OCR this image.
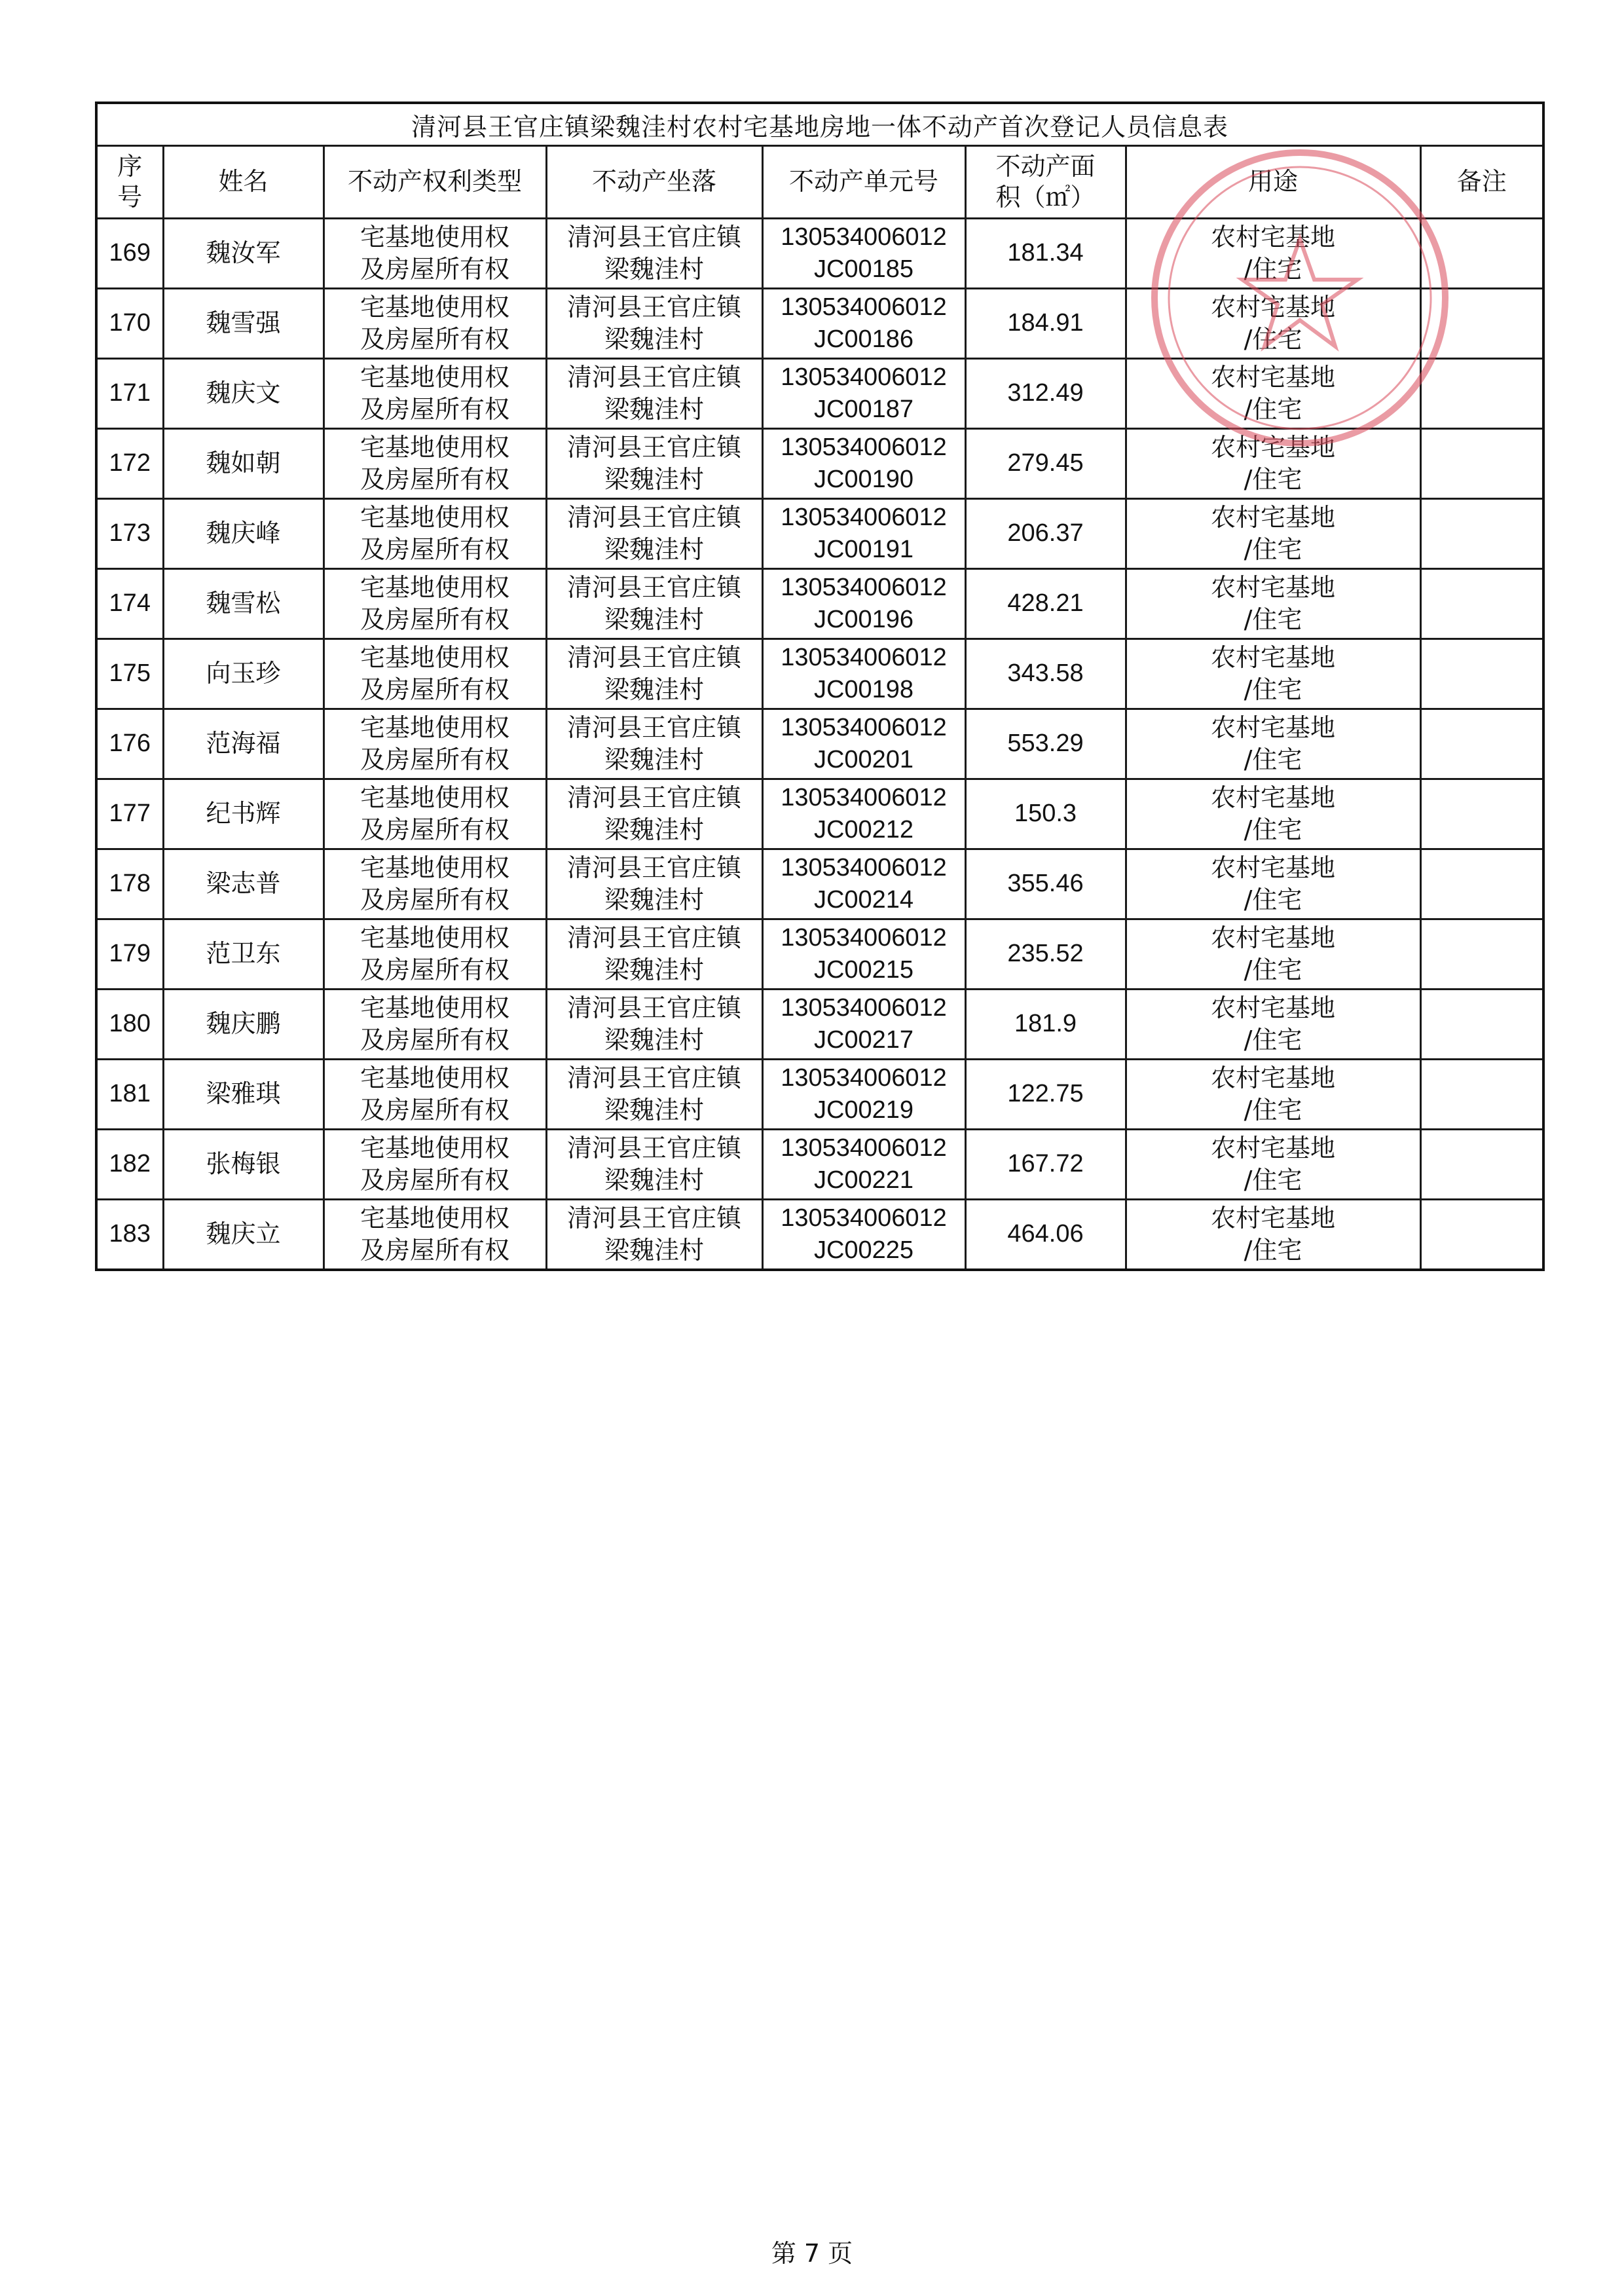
清河县王官庄镇梁魏洼村农村宅基地房地一体不动产首次登记人员信息表							

序
号	姓名	不动产权利类型	不动产坐落	不动产单元号	不动产面
积（㎡）	用途	备注
169	魏汝军	宅基地使用权
及房屋所有权	清河县王官庄镇
梁魏洼村	130534006012
JC00185	181.34	农村宅基地
/住宅	

170	魏雪强	宅基地使用权
及房屋所有权	清河县王官庄镇
梁魏洼村	130534006012
JC00186	184.91	农村宅基地
/住宅	

171	魏庆文	宅基地使用权
及房屋所有权	清河县王官庄镇
梁魏洼村	130534006012
JC00187	312.49	农村宅基地
/住宅	

172	魏如朝	宅基地使用权
及房屋所有权	清河县王官庄镇
梁魏洼村	130534006012
JC00190	279.45	农村宅基地
/住宅	

173	魏庆峰	宅基地使用权
及房屋所有权	清河县王官庄镇
梁魏洼村	130534006012
JC00191	206.37	农村宅基地
/住宅	

174	魏雪松	宅基地使用权
及房屋所有权	清河县王官庄镇
梁魏洼村	130534006012
JC00196	428.21	农村宅基地
/住宅	

175	向玉珍	宅基地使用权
及房屋所有权	清河县王官庄镇
梁魏洼村	130534006012
JC00198	343.58	农村宅基地
/住宅	

176	范海福	宅基地使用权
及房屋所有权	清河县王官庄镇
梁魏洼村	130534006012
JC00201	553.29	农村宅基地
/住宅	

177	纪书辉	宅基地使用权
及房屋所有权	清河县王官庄镇
梁魏洼村	130534006012
JC00212	150.3	农村宅基地
/住宅	

178	梁志普	宅基地使用权
及房屋所有权	清河县王官庄镇
梁魏洼村	130534006012
JC00214	355.46	农村宅基地
/住宅	

179	范卫东	宅基地使用权
及房屋所有权	清河县王官庄镇
梁魏洼村	130534006012
JC00215	235.52	农村宅基地
/住宅	

180	魏庆鹏	宅基地使用权
及房屋所有权	清河县王官庄镇
梁魏洼村	130534006012
JC00217	181.9	农村宅基地
/住宅	

181	梁雅琪	宅基地使用权
及房屋所有权	清河县王官庄镇
梁魏洼村	130534006012
JC00219	122.75	农村宅基地
/住宅	

182	张梅银	宅基地使用权
及房屋所有权	清河县王官庄镇
梁魏洼村	130534006012
JC00221	167.72	农村宅基地
/住宅	

183	魏庆立	宅基地使用权
及房屋所有权	清河县王官庄镇
梁魏洼村	130534006012
JC00225	464.06	农村宅基地
/住宅	

第 7 页
